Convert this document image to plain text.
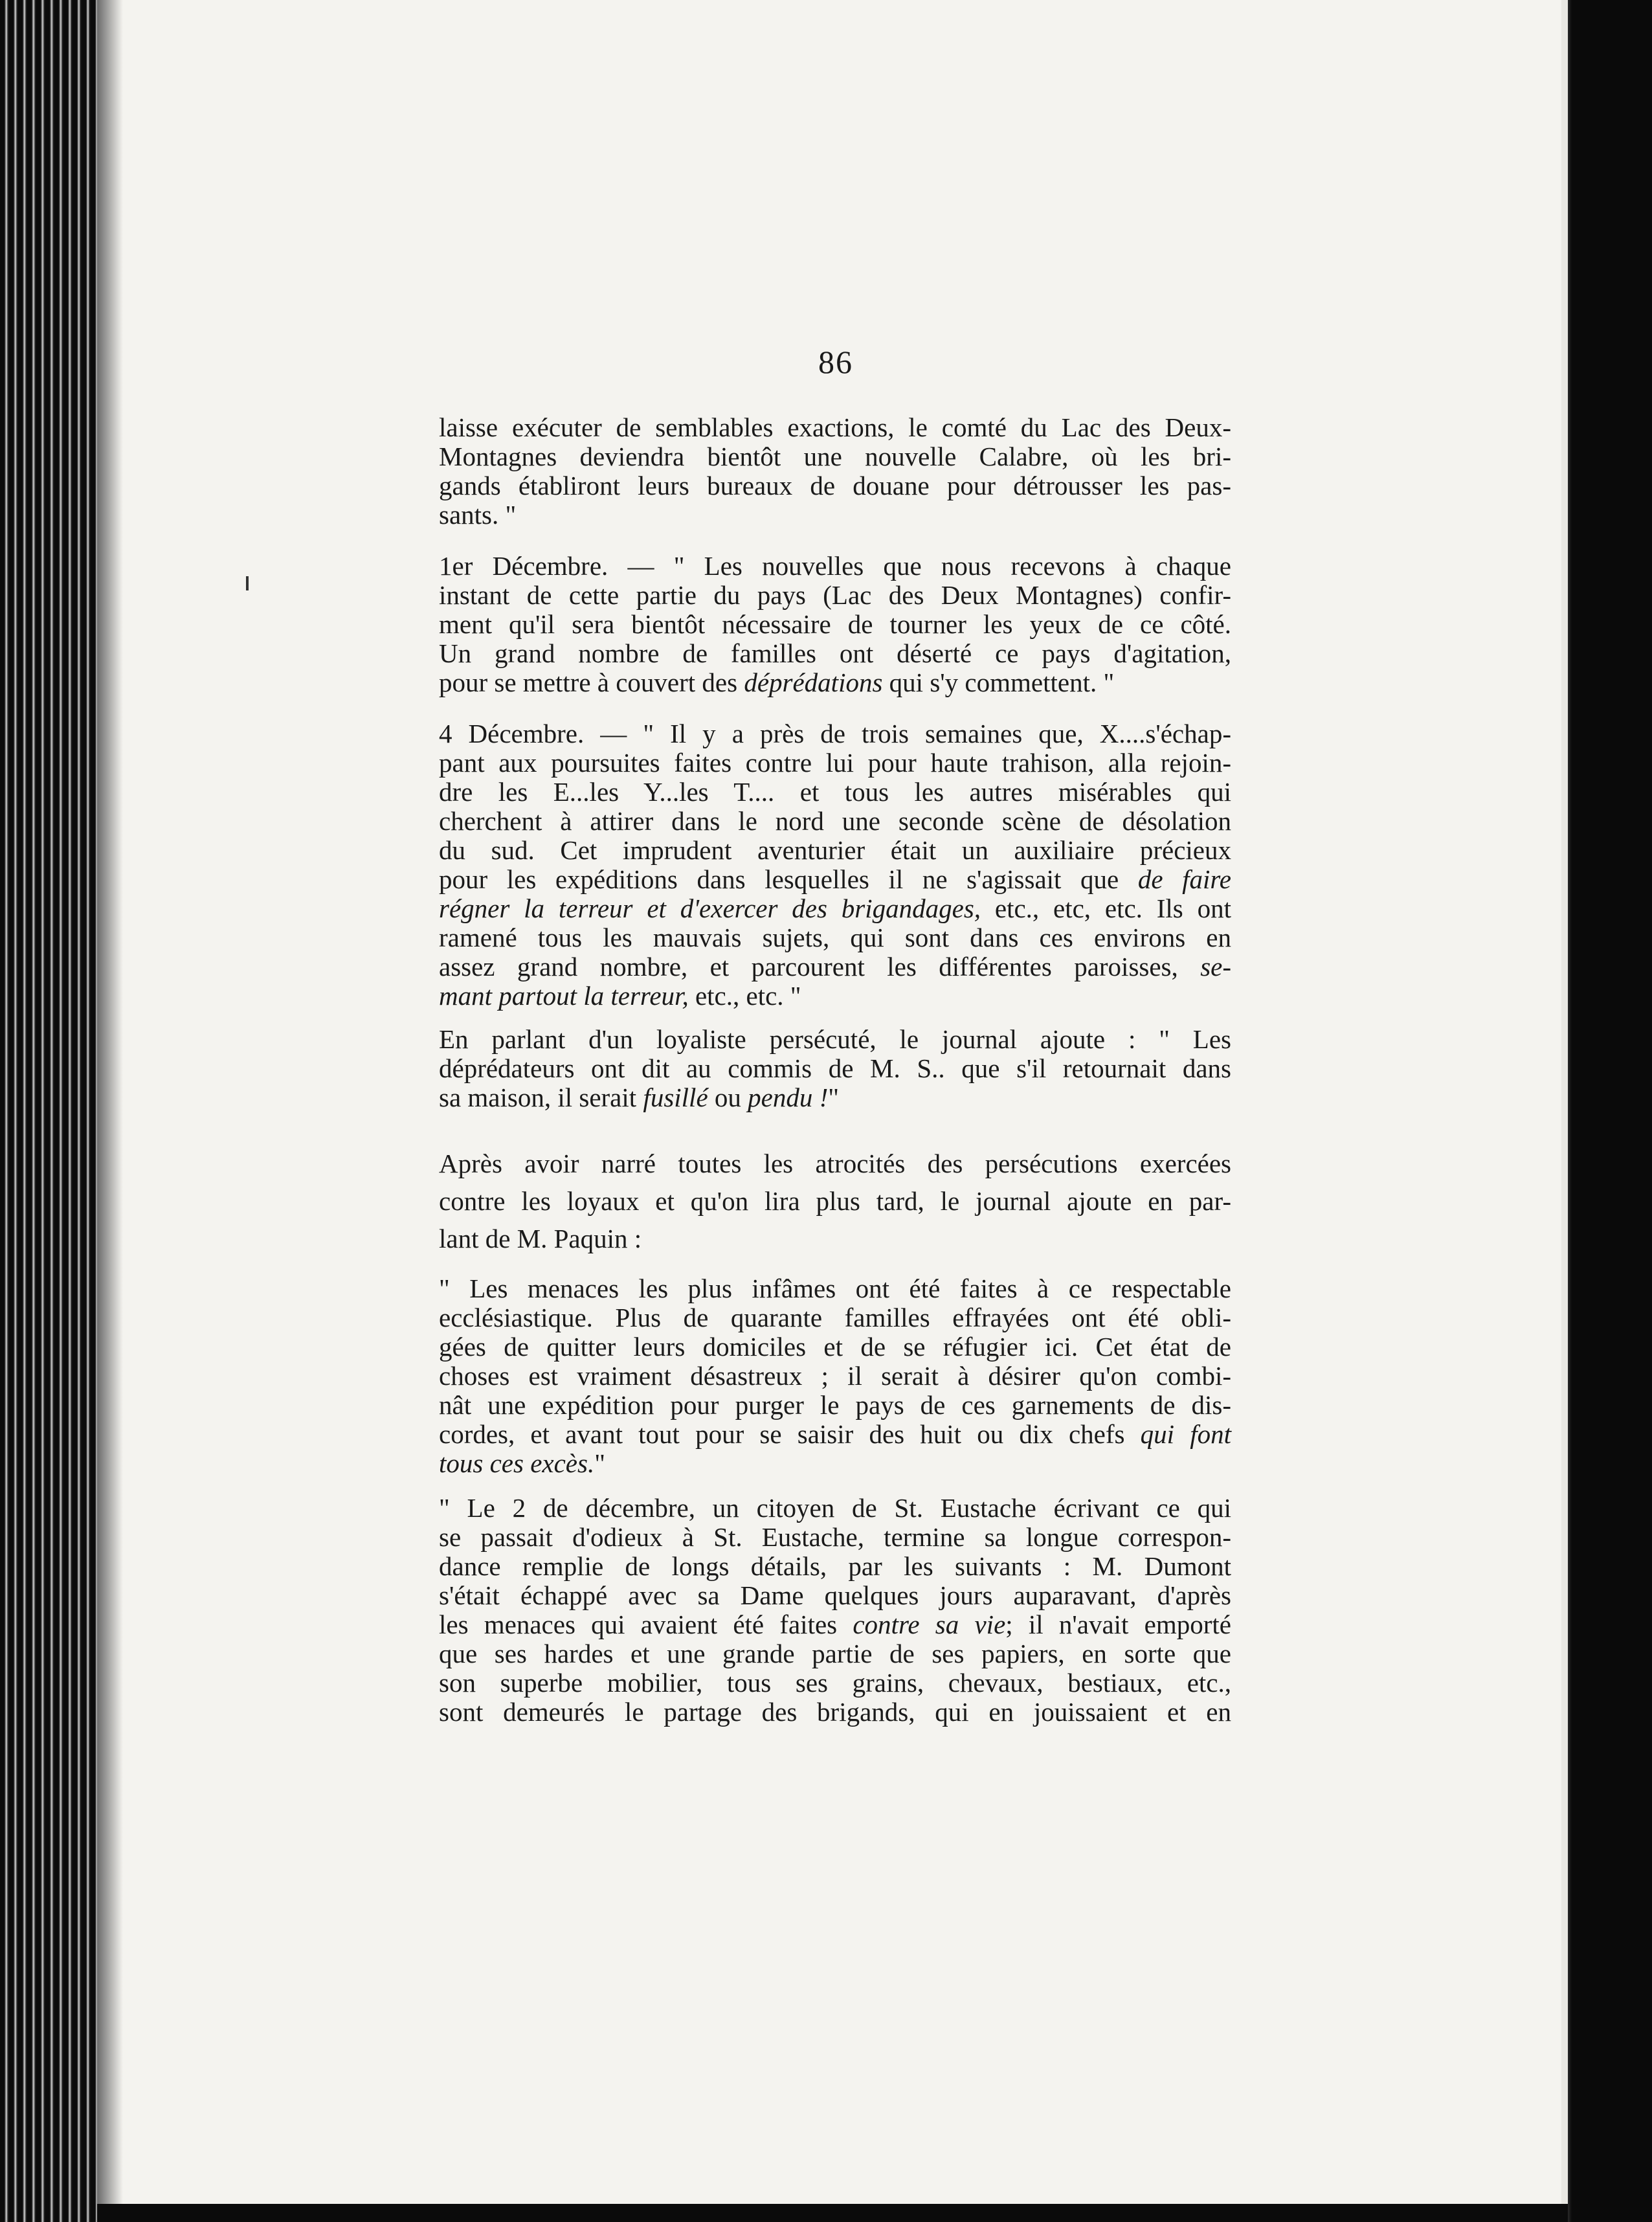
86

laisse exécuter de semblables exactions, le comté du Lac des Deux-
Montagnes deviendra bientôt une nouvelle Calabre, où les bri-
gands établiront leurs bureaux de douane pour détrousser les pas-
sants. "

1er Décembre. — " Les nouvelles que nous recevons à chaque
instant de cette partie du pays (Lac des Deux Montagnes) confir-
ment qu'il sera bientôt nécessaire de tourner les yeux de ce côté.
Un grand nombre de familles ont déserté ce pays d'agitation,
pour se mettre à couvert des déprédations qui s'y commettent. "

4 Décembre. — " Il y a près de trois semaines que, X....s'échap-
pant aux poursuites faites contre lui pour haute trahison, alla rejoin-
dre les E...les Y...les T.... et tous les autres misérables qui
cherchent à attirer dans le nord une seconde scène de désolation
du sud. Cet imprudent aventurier était un auxiliaire précieux
pour les expéditions dans lesquelles il ne s'agissait que de faire
régner la terreur et d'exercer des brigandages, etc., etc, etc. Ils ont
ramené tous les mauvais sujets, qui sont dans ces environs en
assez grand nombre, et parcourent les différentes paroisses, se-
mant partout la terreur, etc., etc. "

En parlant d'un loyaliste persécuté, le journal ajoute : " Les
déprédateurs ont dit au commis de M. S.. que s'il retournait dans
sa maison, il serait fusillé ou pendu !"

Après avoir narré toutes les atrocités des persécutions exercées
contre les loyaux et qu'on lira plus tard, le journal ajoute en par-
lant de M. Paquin :

" Les menaces les plus infâmes ont été faites à ce respectable
ecclésiastique. Plus de quarante familles effrayées ont été obli-
gées de quitter leurs domiciles et de se réfugier ici. Cet état de
choses est vraiment désastreux ; il serait à désirer qu'on combi-
nât une expédition pour purger le pays de ces garnements de dis-
cordes, et avant tout pour se saisir des huit ou dix chefs qui font
tous ces excès."

" Le 2 de décembre, un citoyen de St. Eustache écrivant ce qui
se passait d'odieux à St. Eustache, termine sa longue correspon-
dance remplie de longs détails, par les suivants : M. Dumont
s'était échappé avec sa Dame quelques jours auparavant, d'après
les menaces qui avaient été faites contre sa vie; il n'avait emporté
que ses hardes et une grande partie de ses papiers, en sorte que
son superbe mobilier, tous ses grains, chevaux, bestiaux, etc.,
sont demeurés le partage des brigands, qui en jouissaient et en
